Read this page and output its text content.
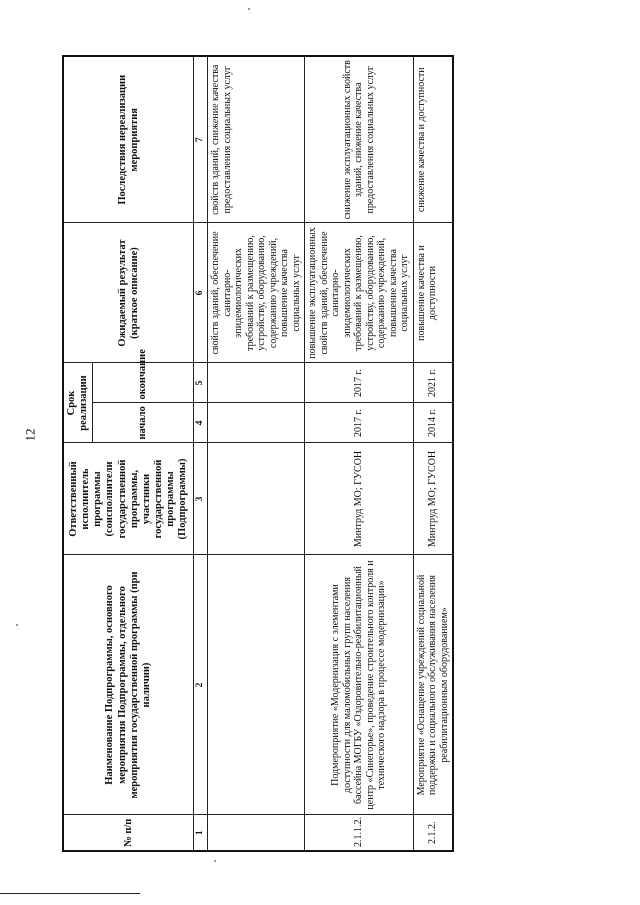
12
№ п/п	Наименование Подпрограммы, основного мероприятия Подпрограммы, отдельного мероприятия государственной программы (при наличии)	Ответственный исполнитель программы (соисполнители государственной программы, участники государственной программы (Подпрограммы)	Срок реализации		Ожидаемый результат (краткое описание)	Последствия нереализации мероприятия
			начало	окончание		
1	2	3	4	5	6	7
					свойств зданий, обеспечение санитарно-эпидемиологических требований к размещению, устройству, оборудованию, содержанию учреждений, повышение качества социальных услуг	свойств зданий, снижение качества предоставления социальных услуг
2.1.1.2.	Подмероприятие «Модернизация с элементами доступности для маломобильных групп населения бассейна МОГБУ «Оздоровительно-реабилитационный центр «Синегорье», проведение строительного контроля и технического надзора в процессе модернизации»	Минтруд МО; ГУСОН	2017 г.	2017 г.	повышение эксплуатационных свойств зданий, обеспечение санитарно-эпидемиологических требований к размещению, устройству, оборудованию, содержанию учреждений, повышение качества социальных услуг	снижение эксплуатационных свойств зданий, снижение качества предоставления социальных услуг
2.1.2.	Мероприятие «Оснащение учреждений социальной поддержки и социального обслуживания населения реабилитационным оборудованием»	Минтруд МО; ГУСОН	2014 г.	2021 г.	повышение качества и доступности	снижение качества и доступности
